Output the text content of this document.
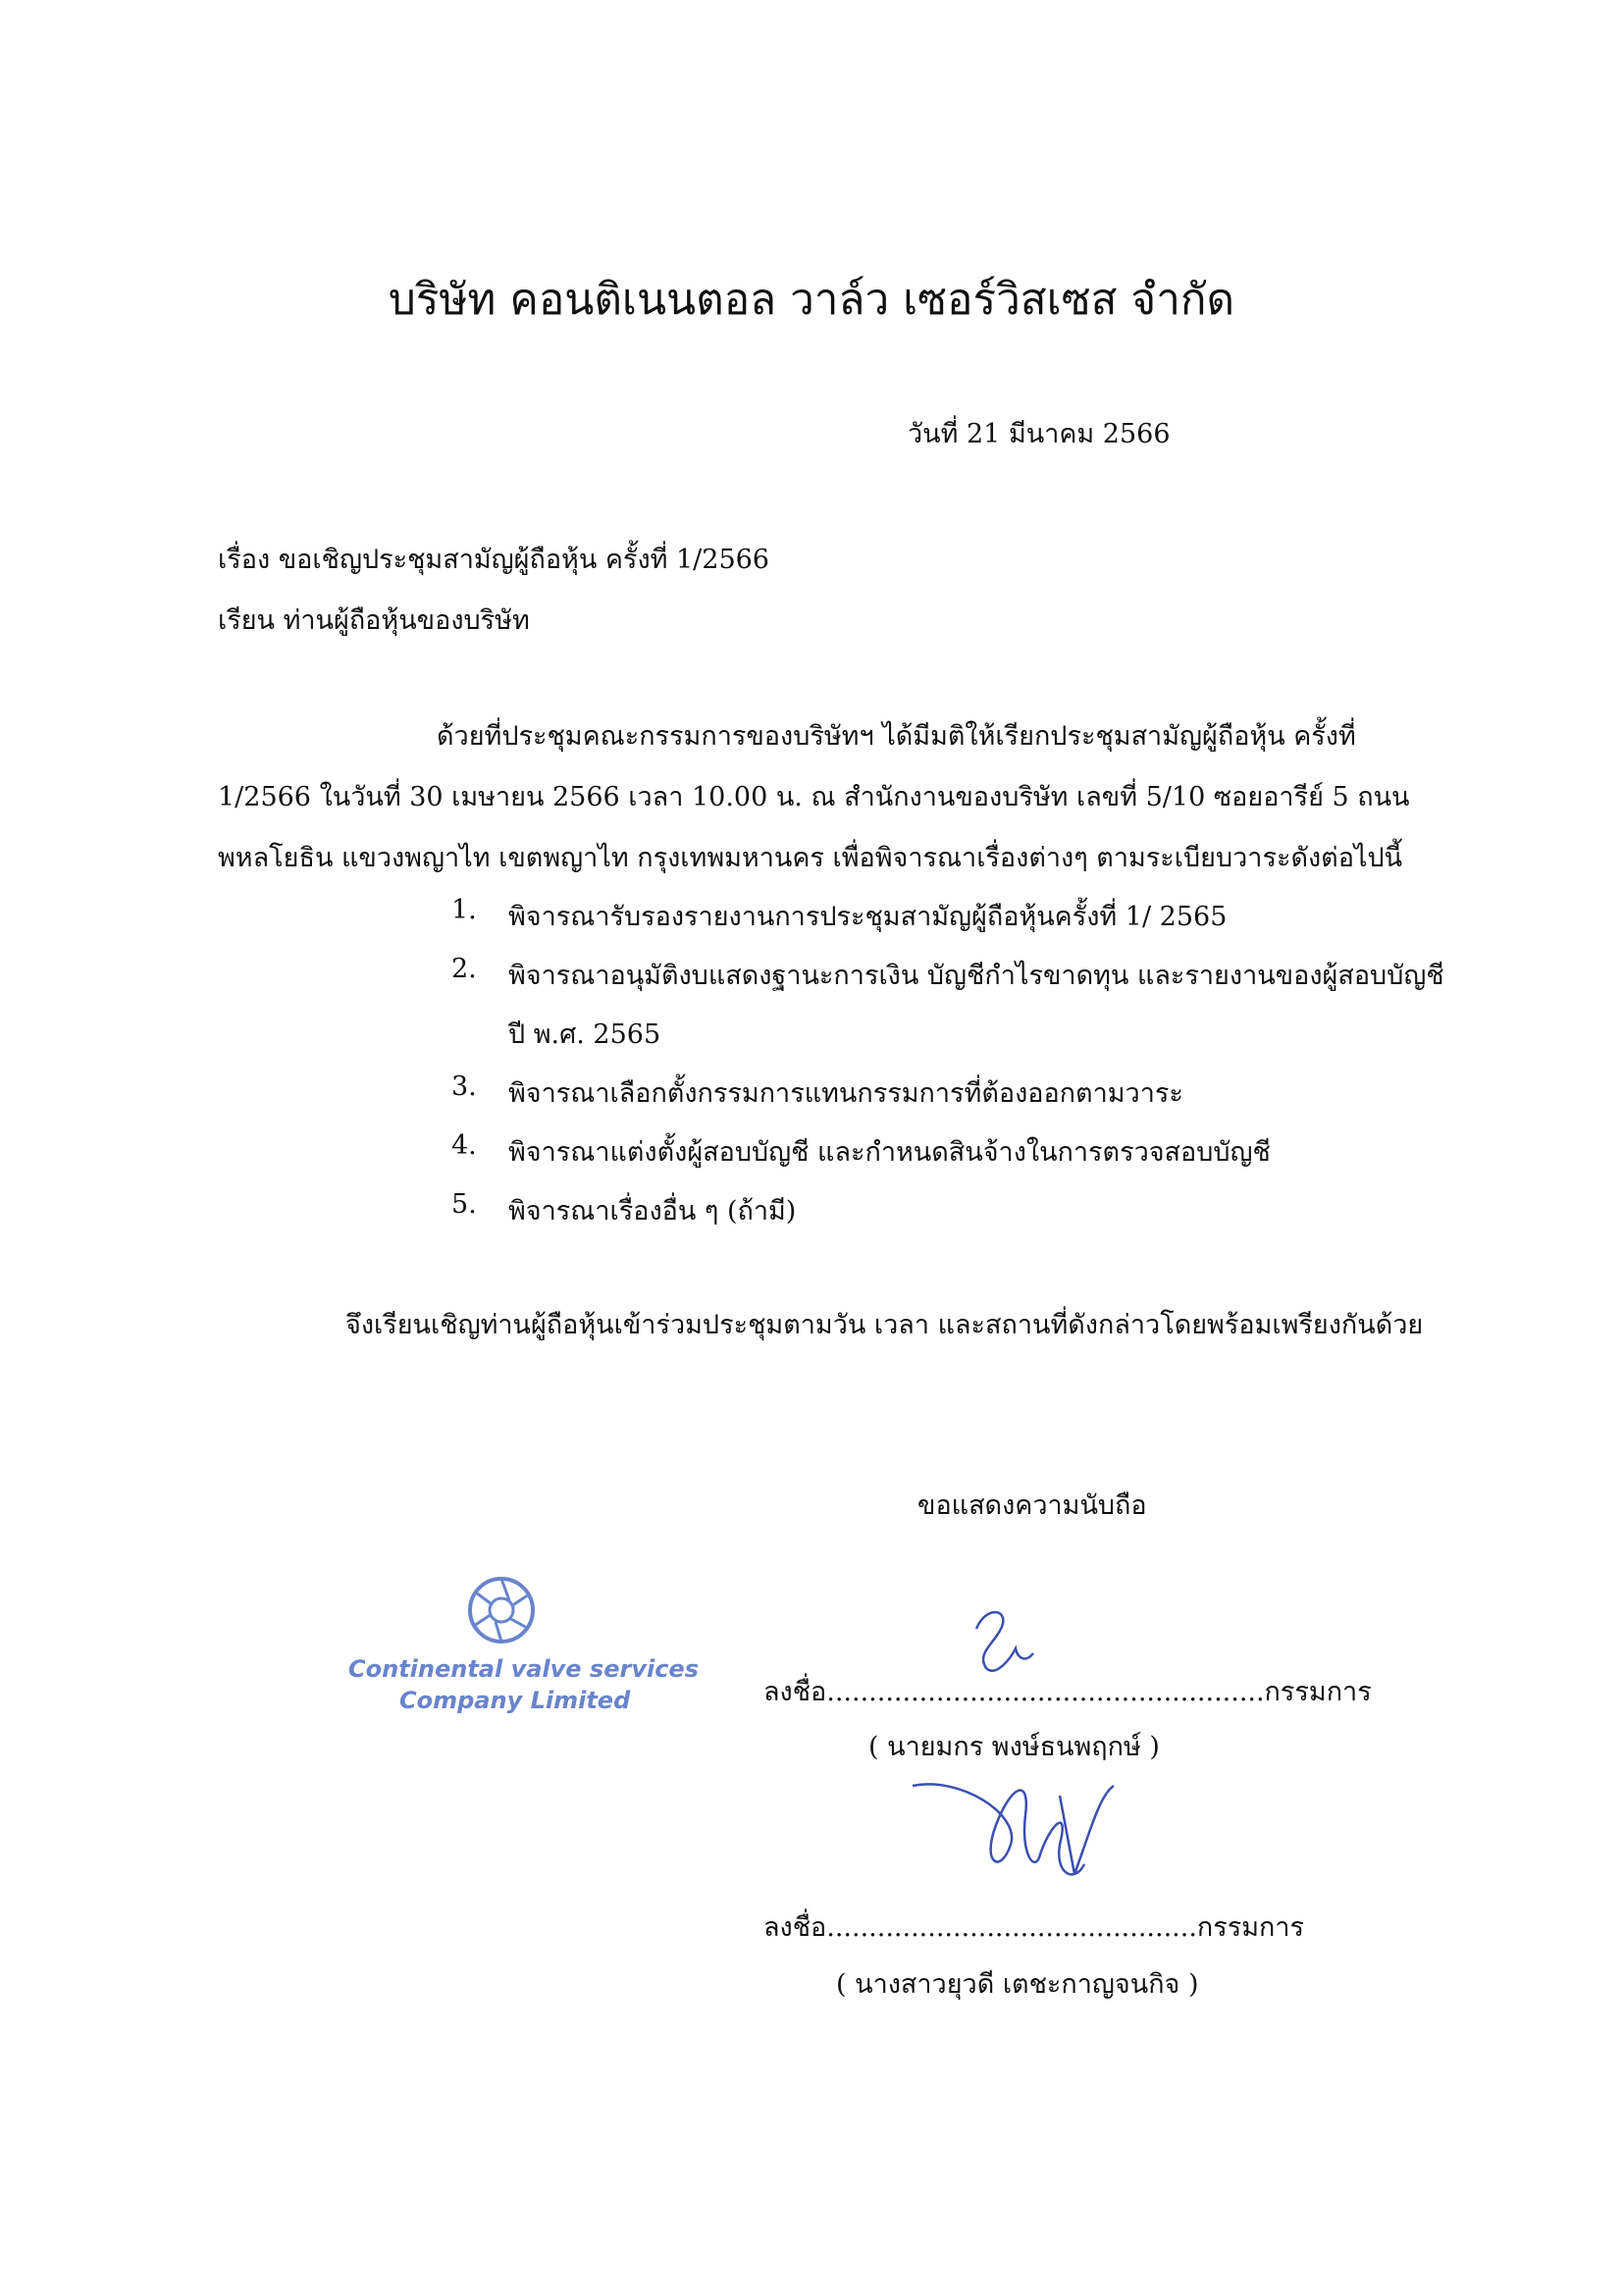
บริษัท คอนติเนนตอล วาล์ว เซอร์วิสเซส จำกัด
วันที่ 21 มีนาคม 2566
เรื่อง ขอเชิญประชุมสามัญผู้ถือหุ้น ครั้งที่ 1/2566
เรียน ท่านผู้ถือหุ้นของบริษัท
ด้วยที่ประชุมคณะกรรมการของบริษัทฯ ได้มีมติให้เรียกประชุมสามัญผู้ถือหุ้น ครั้งที่
1/2566 ในวันที่ 30 เมษายน 2566 เวลา 10.00 น. ณ สำนักงานของบริษัท เลขที่ 5/10 ซอยอารีย์ 5 ถนน
พหลโยธิน แขวงพญาไท เขตพญาไท กรุงเทพมหานคร เพื่อพิจารณาเรื่องต่างๆ ตามระเบียบวาระดังต่อไปนี้
1. พิจารณารับรองรายงานการประชุมสามัญผู้ถือหุ้นครั้งที่ 1/ 2565
2. พิจารณาอนุมัติงบแสดงฐานะการเงิน บัญชีกำไรขาดทุน และรายงานของผู้สอบบัญชี
ปี พ.ศ. 2565
3. พิจารณาเลือกตั้งกรรมการแทนกรรมการที่ต้องออกตามวาระ
4. พิจารณาแต่งตั้งผู้สอบบัญชี และกำหนดสินจ้างในการตรวจสอบบัญชี
5. พิจารณาเรื่องอื่น ๆ (ถ้ามี)
จึงเรียนเชิญท่านผู้ถือหุ้นเข้าร่วมประชุมตามวัน เวลา และสถานที่ดังกล่าวโดยพร้อมเพรียงกันด้วย
ขอแสดงความนับถือ
Continental valve services
Company Limited	ลงชื่อ....................................................กรรมการ
( นายมกร พงษ์ธนพฤกษ์ )
ลงชื่อ............................................กรรมการ
( นางสาวยุวดี เตชะกาญจนกิจ )
